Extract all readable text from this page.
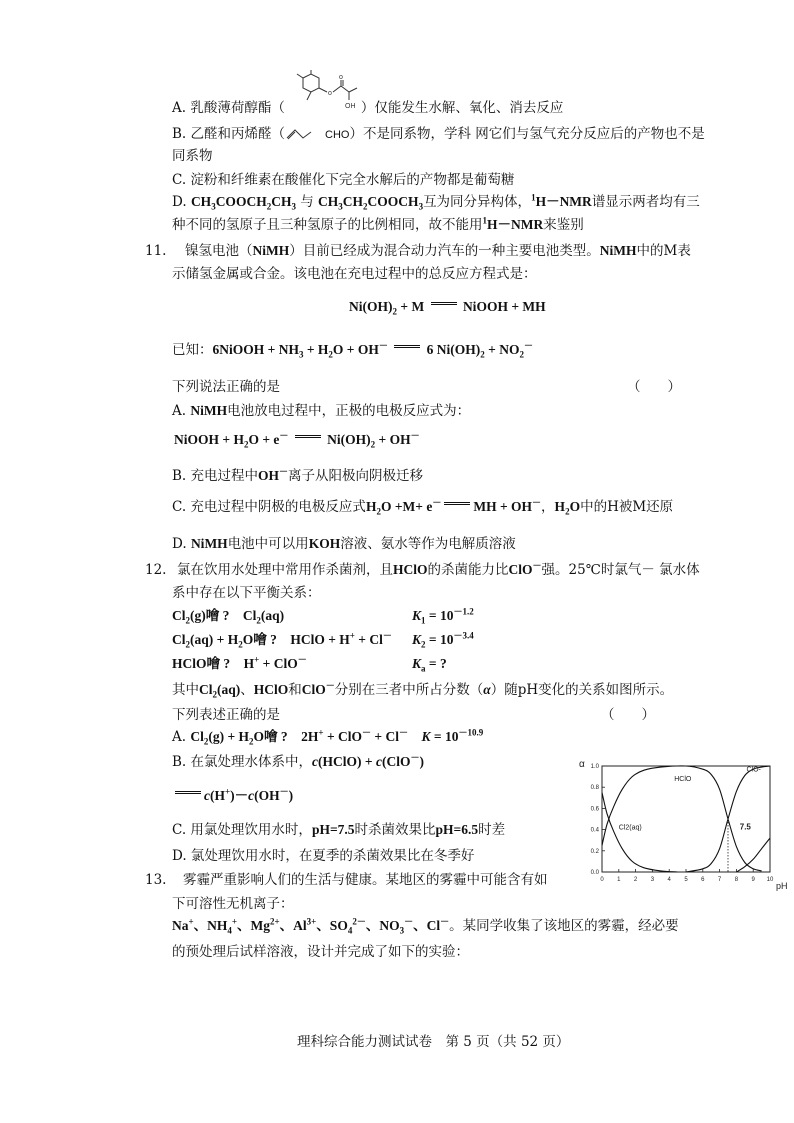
A. 乳酸薄荷醇酯（	）仅能发生水解、氧化、消去反应
o
o
OH
B. 乙醛和丙烯醛（	CHO）不是同系物，学科 网它们与氢气充分反应后的产物也不是
同系物
C. 淀粉和纤维素在酸催化下完全水解后的产物都是葡萄糖
D. $CH_3COOCH_2CH_3$ 与 $CH_3CH_2COOCH_3$互为同分异构体，$^1$H－NMR谱显示两者均有三
种不同的氢原子且三种氢原子的比例相同，故不能用$^1$H－NMR来鉴别
11. 镍氢电池（NiMH）目前已经成为混合动力汽车的一种主要电池类型。NiMH中的M表
示储氢金属或合金。该电池在充电过程中的总反应方程式是：
$Ni(OH)_2 + M$  NiOOH + MH
已知：6NiOOH + $NH_3 + H_2O + OH^-$	6 $Ni(OH)_2 + NO_2^-$
下列说法正确的是	（　　）
A. NiMH电池放电过程中，正极的电极反应式为：
NiOOH + $H_2O + e^-$	$Ni(OH)_2 + OH^-$
B. 充电过程中OH－离子从阳极向阴极迁移
C. 充电过程中阴极的电极反应式$H_2O +M+ e^-$ MH + OH－，$H_2O$中的H被M还原
D. NiMH电池中可以用KOH溶液、氨水等作为电解质溶液
12. 氯在饮用水处理中常用作杀菌剂，且HClO的杀菌能力比ClO－强。25℃时氯气－ 氯水体
系中存在以下平衡关系：
$Cl_2(g)$噲 ?　$Cl_2(aq)$	$K_1 = 10^{-1.2}$
$Cl_2(aq) + H_2O$噲 ?　HClO + H+ + Cl－ $K_2 = 10^{-3.4}$
HClO噲 ?　H+ + ClO－	$K_a$ = ?
其中$Cl_2(aq)$、HClO和ClO－分别在三者中所占分数（α）随pH变化的关系如图所示。
下列表述正确的是	（　　）
A. $Cl_2(g) + H_2O$噲 ?　2H+ + ClO－ + Cl－　 $K = 10^{-10.9}$
B. 在氯处理水体系中，c(HClO) + c(ClO－)
c(H+)－c(OH－)
C. 用氯处理饮用水时，pH=7.5时杀菌效果比pH=6.5时差
D. 氯处理饮用水时，在夏季的杀菌效果比在冬季好
0 1 2 3 4 5 6 7 8 9 10
0.0
0.2
0.4
0.6
0.8
1.0
pH
α
Cl2(aq)
HClO
ClO-
7.5
13. 雾霾严重影响人们的生活与健康。某地区的雾霾中可能含有如
下可溶性无机离子：
Na+、$NH_4^+$、$Mg^{2+}$、$Al^{3+}$、$SO_4^{2-}$、$NO_3^-$、Cl－。某同学收集了该地区的雾霾，经必要
的预处理后试样溶液，设计并完成了如下的实验：
理科综合能力测试试卷　第 5 页（共 52 页）
